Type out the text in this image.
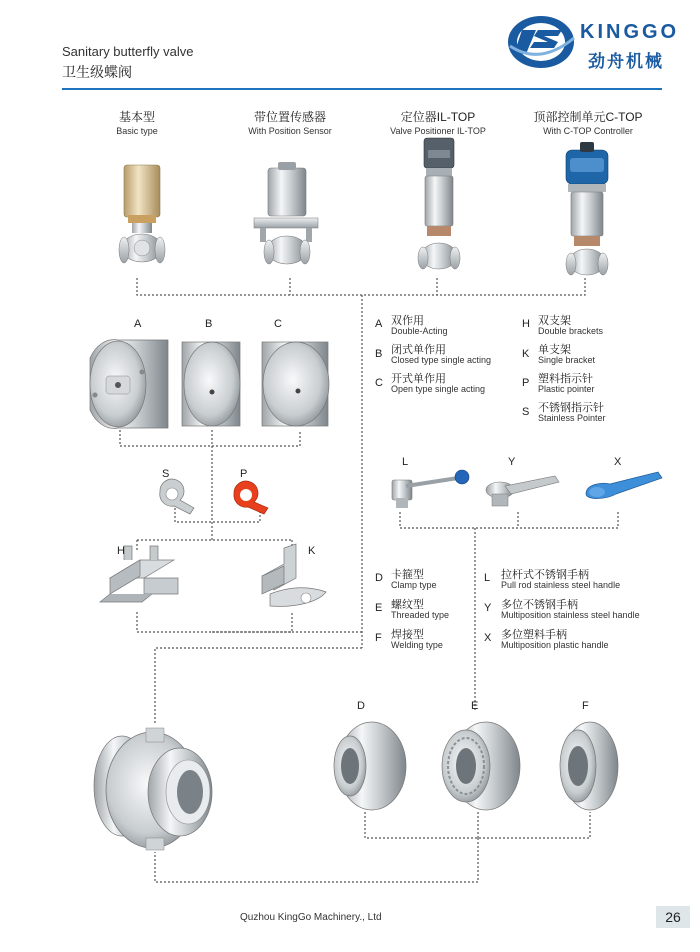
Sanitary butterfly valve
卫生级蝶阀
KINGGO
劲舟机械
基本型
Basic type
带位置传感器
With Position Sensor
定位器IL-TOP
Valve Positioner IL-TOP
顶部控制单元C-TOP
With C-TOP Controller
A	B	C
S	P
H	K
L	Y	X
D	E	F
A 双作用
Double-Acting
B 闭式单作用
Closed type single acting
C 开式单作用
Open type single acting
H 双支架
Double brackets
K 单支架
Single bracket
P 塑料指示针
Plastic pointer
S 不锈钢指示针
Stainless Pointer
D 卡箍型
Clamp type
E 螺纹型
Threaded type
F 焊接型
Welding type
L 拉杆式不锈钢手柄
Pull rod stainless steel handle
Y 多位不锈钢手柄
Multiposition stainless steel handle
X 多位塑料手柄
Multiposition plastic handle
Quzhou KingGo Machinery., Ltd	26
